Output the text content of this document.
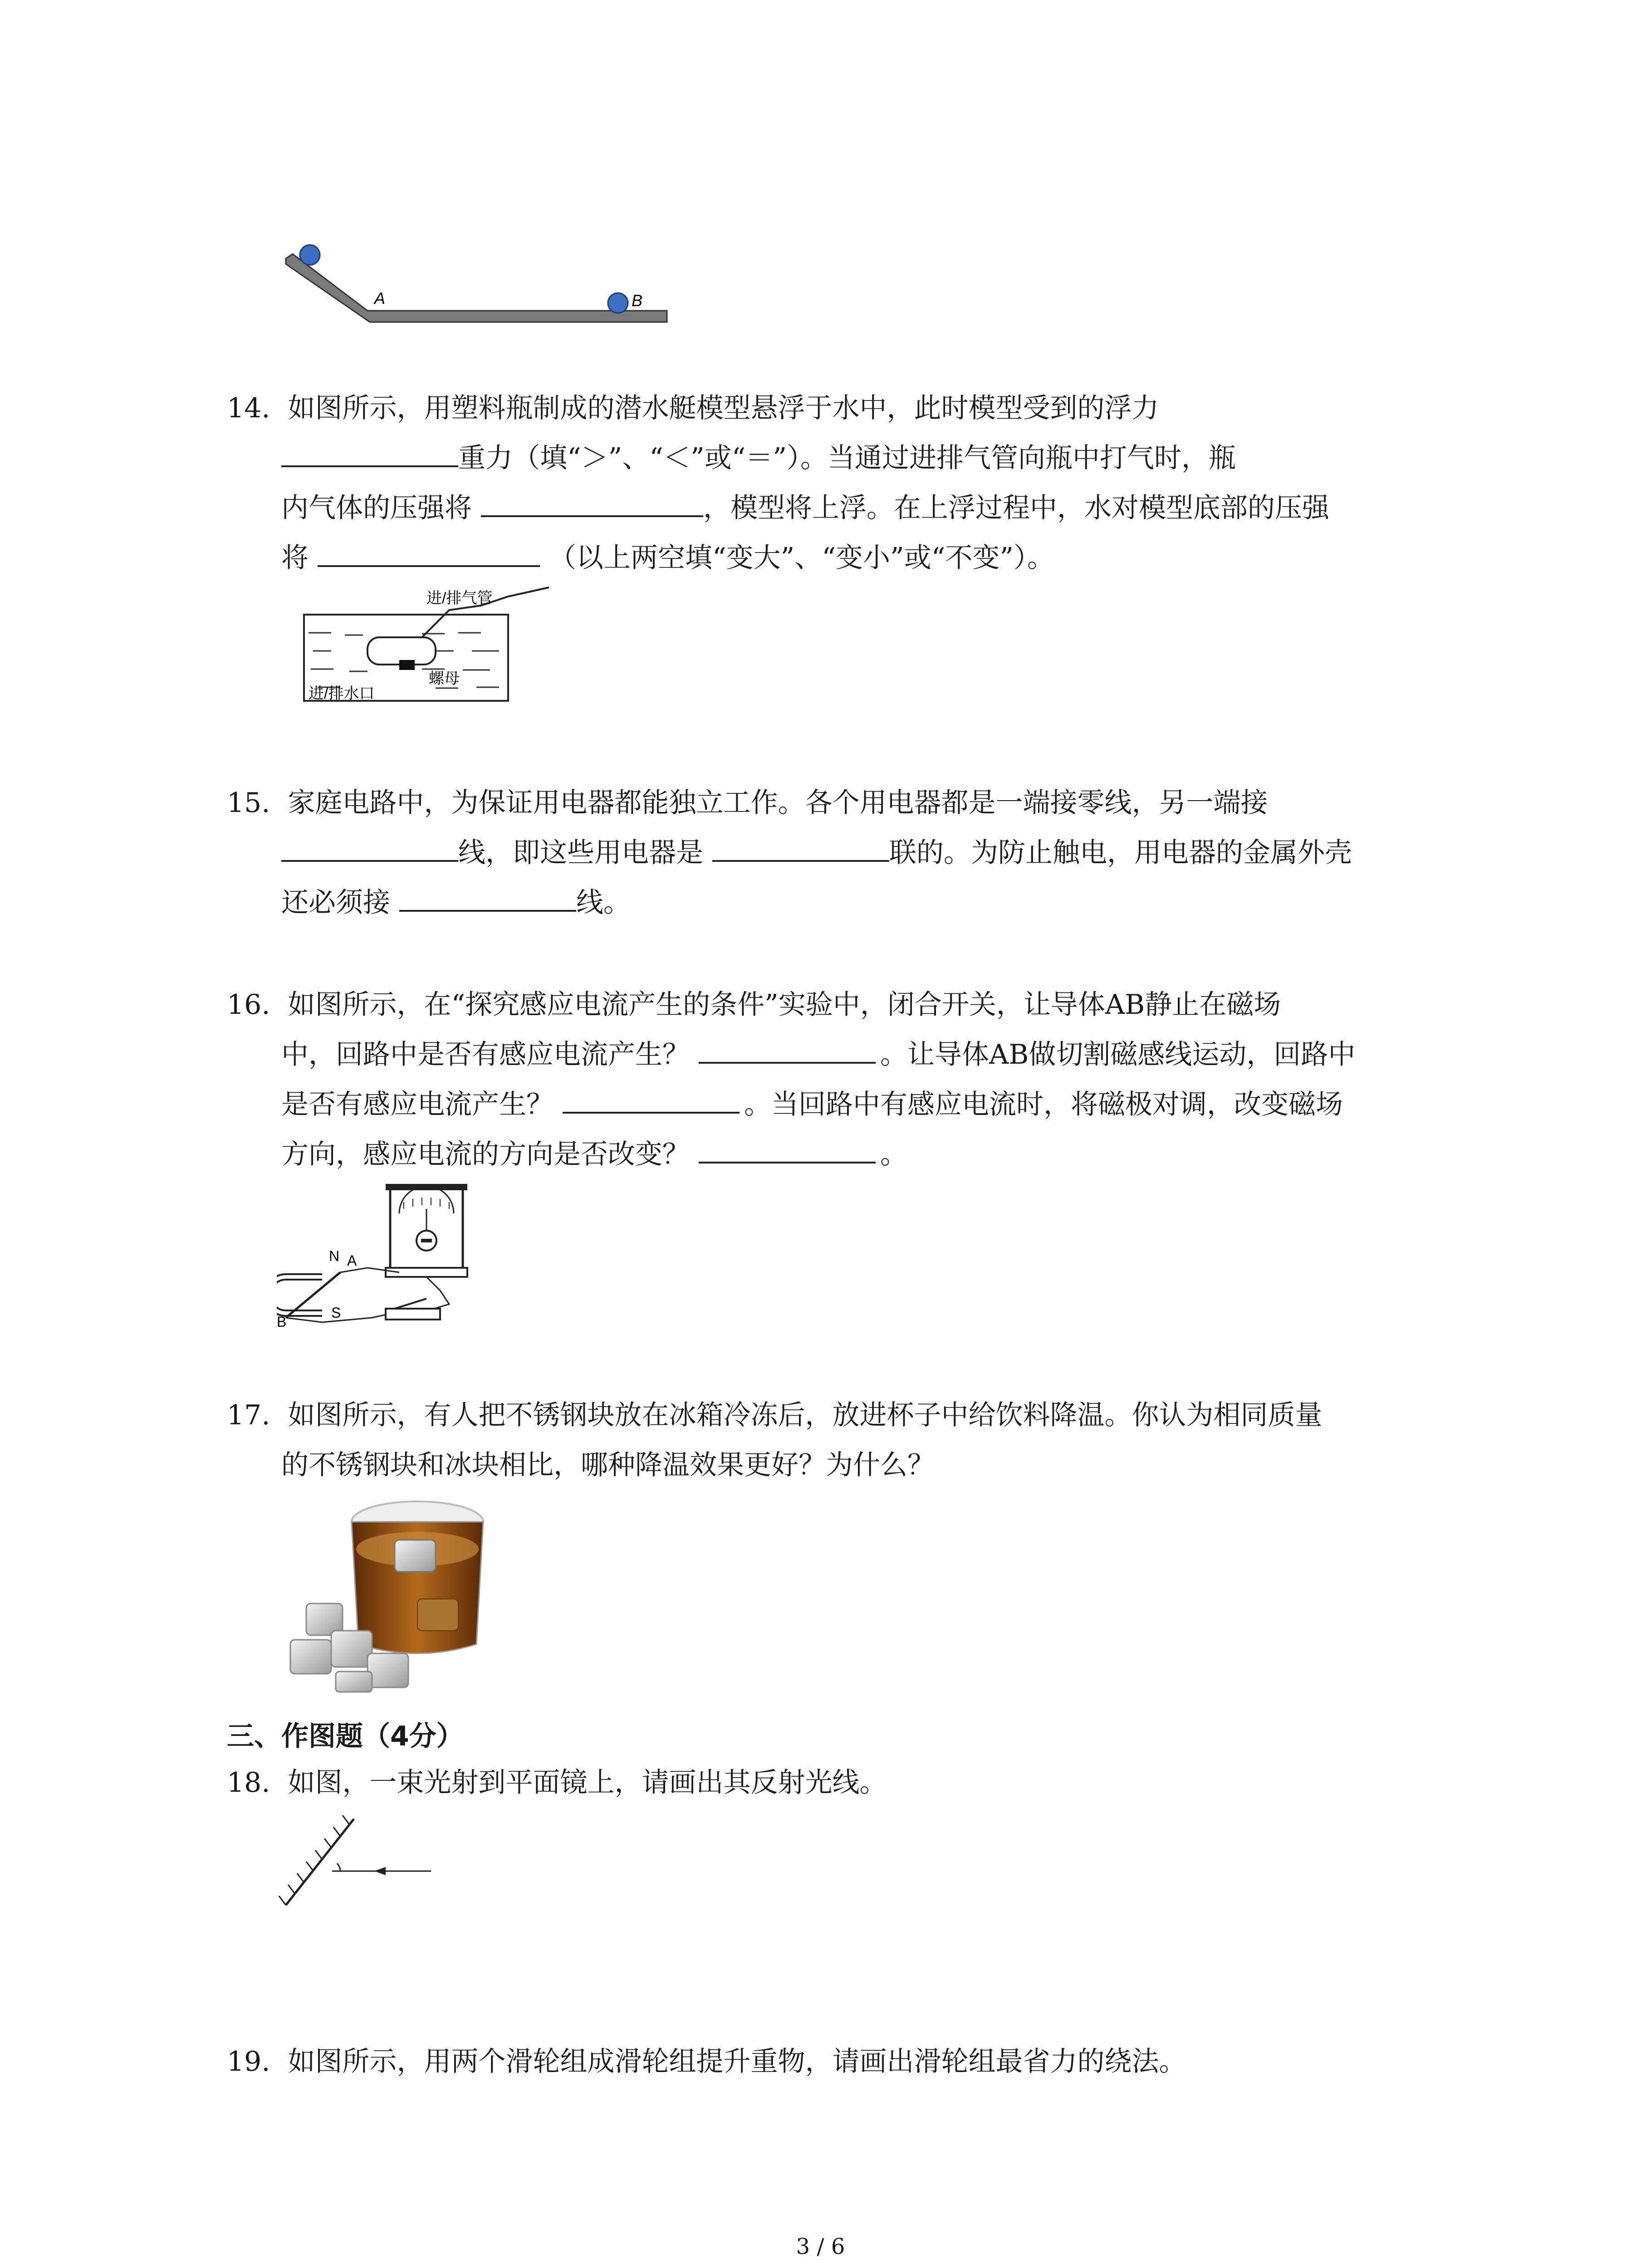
A	B
14. 如图所示，用塑料瓶制成的潜水艇模型悬浮于水中，此时模型受到的浮力
重力（填“＞”、“＜”或“＝”）。当通过进排气管向瓶中打气时，瓶
内气体的压强将	，模型将上浮。在上浮过程中，水对模型底部的压强
将	（以上两空填“变大”、“变小”或“不变”）。
进/排气管
进/排水口
螺母
15. 家庭电路中，为保证用电器都能独立工作。各个用电器都是一端接零线，另一端接
线，即这些用电器是	联的。为防止触电，用电器的金属外壳
还必须接	线。
16. 如图所示，在“探究感应电流产生的条件”实验中，闭合开关，让导体AB静止在磁场
中，回路中是否有感应电流产生？	。让导体AB做切割磁感线运动，回路中
是否有感应电流产生？	。当回路中有感应电流时，将磁极对调，改变磁场
方向，感应电流的方向是否改变？	。
N A
S
B
17. 如图所示，有人把不锈钢块放在冰箱冷冻后，放进杯子中给饮料降温。你认为相同质量
的不锈钢块和冰块相比，哪种降温效果更好？为什么？
三、作图题（4分）
18. 如图，一束光射到平面镜上，请画出其反射光线。
19. 如图所示，用两个滑轮组成滑轮组提升重物，请画出滑轮组最省力的绕法。
3 / 6
